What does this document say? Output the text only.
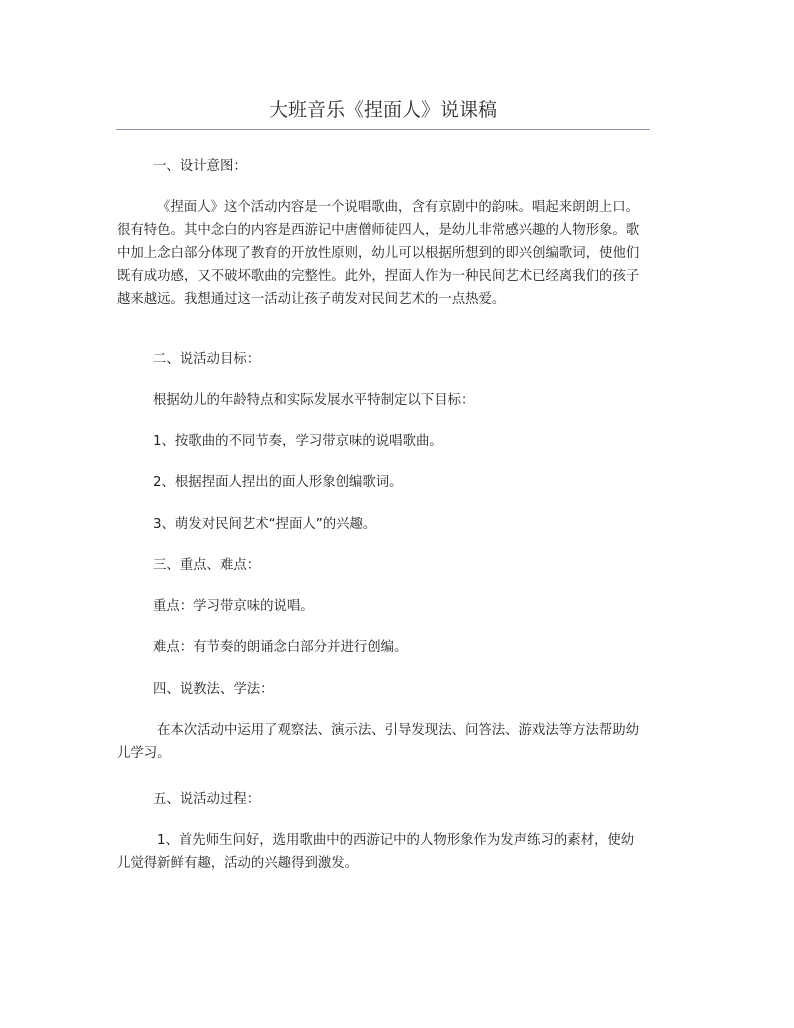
大班音乐《捏面人》说课稿

一、设计意图：

《捏面人》这个活动内容是一个说唱歌曲，含有京剧中的韵味。唱起来朗朗上口。
很有特色。其中念白的内容是西游记中唐僧师徒四人，是幼儿非常感兴趣的人物形象。歌
中加上念白部分体现了教育的开放性原则，幼儿可以根据所想到的即兴创编歌词，使他们
既有成功感，又不破坏歌曲的完整性。此外，捏面人作为一种民间艺术已经离我们的孩子
越来越远。我想通过这一活动让孩子萌发对民间艺术的一点热爱。

二、说活动目标：

根据幼儿的年龄特点和实际发展水平特制定以下目标：

1、按歌曲的不同节奏，学习带京味的说唱歌曲。

2、根据捏面人捏出的面人形象创编歌词。

3、萌发对民间艺术“捏面人”的兴趣。

三、重点、难点：

重点：学习带京味的说唱。

难点：有节奏的朗诵念白部分并进行创编。

四、说教法、学法：

在本次活动中运用了观察法、演示法、引导发现法、问答法、游戏法等方法帮助幼
儿学习。

五、说活动过程：

1、首先师生问好，选用歌曲中的西游记中的人物形象作为发声练习的素材，使幼
儿觉得新鲜有趣，活动的兴趣得到激发。
